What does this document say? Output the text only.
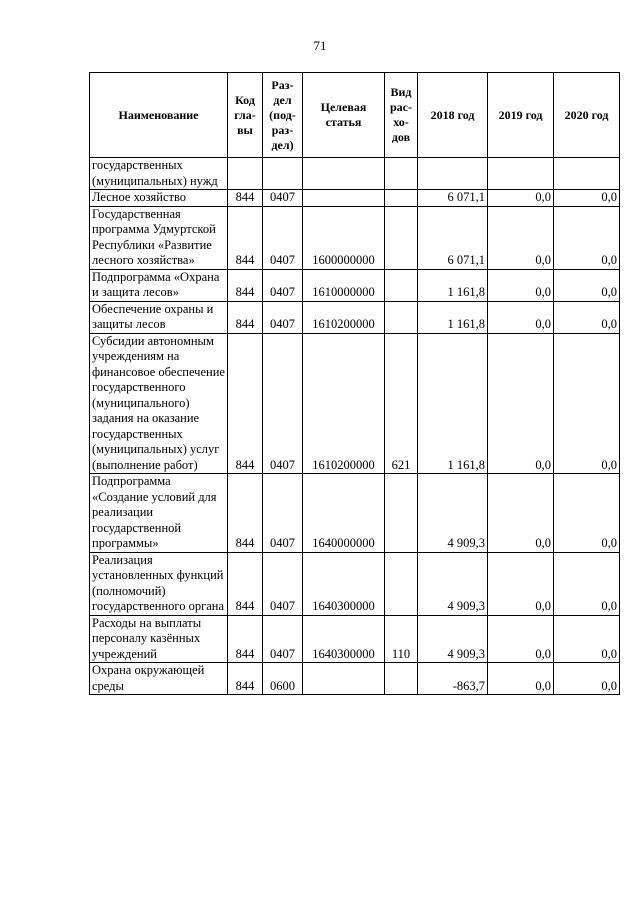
71
Наименование	Код гла- вы	Раз- дел (под- раз- дел)	Целевая статья	Вид рас- хо- дов	2018 год	2019 год	2020 год
государственных (муниципальных) нужд							
Лесное хозяйство	844	0407			6 071,1	0,0	0,0
Государственная программа Удмуртской Республики «Развитие лесного хозяйства»	844	0407	1600000000		6 071,1	0,0	0,0
Подпрограмма «Охрана и защита лесов»	844	0407	1610000000		1 161,8	0,0	0,0
Обеспечение охраны и защиты лесов	844	0407	1610200000		1 161,8	0,0	0,0
Субсидии автономным учреждениям на финансовое обеспечение государственного (муниципального) задания на оказание государственных (муниципальных) услуг (выполнение работ)	844	0407	1610200000	621	1 161,8	0,0	0,0
Подпрограмма «Создание условий для реализации государственной программы»	844	0407	1640000000		4 909,3	0,0	0,0
Реализация установленных функций (полномочий) государственного органа	844	0407	1640300000		4 909,3	0,0	0,0
Расходы на выплаты персоналу казённых учреждений	844	0407	1640300000	110	4 909,3	0,0	0,0
Охрана окружающей среды	844	0600			-863,7	0,0	0,0
